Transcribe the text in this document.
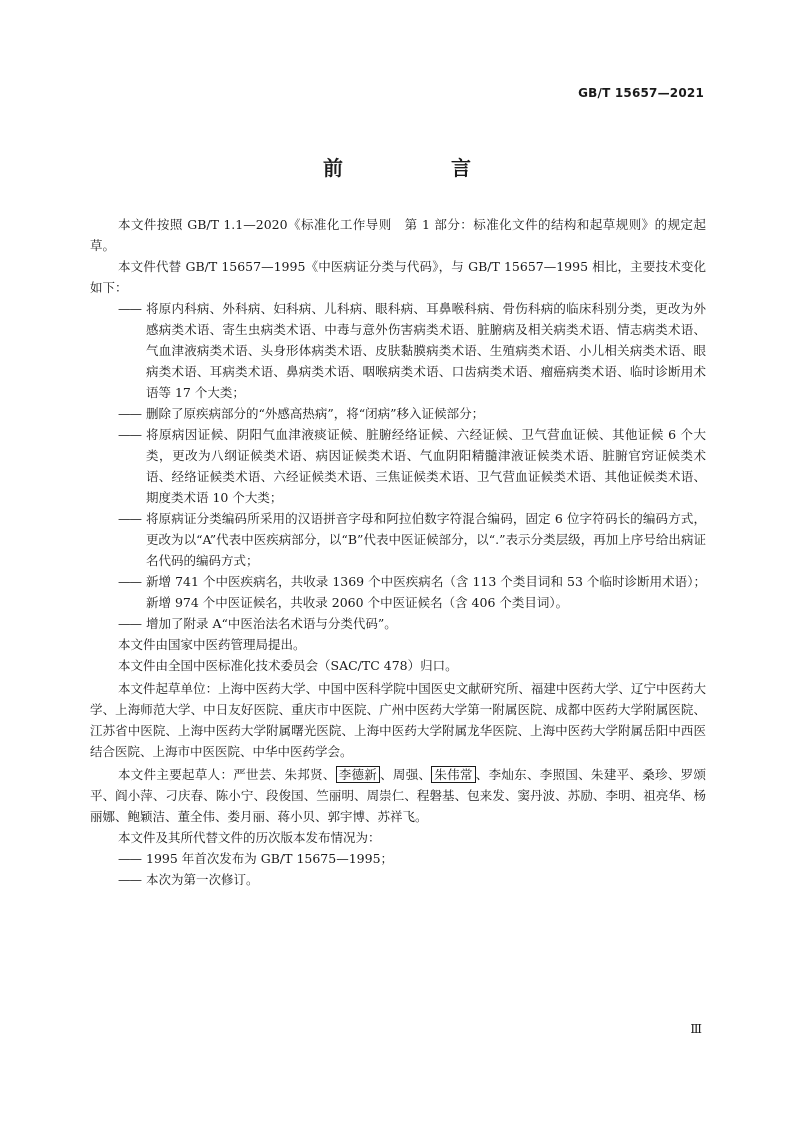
GB/T 15657—2021
前　言

本文件按照 GB/T 1.1—2020《标准化工作导则　第 1 部分：标准化文件的结构和起草规则》的规定起草。

本文件代替 GB/T 15657—1995《中医病证分类与代码》，与 GB/T 15657—1995 相比，主要技术变化如下：

—— 将原内科病、外科病、妇科病、儿科病、眼科病、耳鼻喉科病、骨伤科病的临床科别分类，更改为外感病类术语、寄生虫病类术语、中毒与意外伤害病类术语、脏腑病及相关病类术语、情志病类术语、气血津液病类术语、头身形体病类术语、皮肤黏膜病类术语、生殖病类术语、小儿相关病类术语、眼病类术语、耳病类术语、鼻病类术语、咽喉病类术语、口齿病类术语、瘤癌病类术语、临时诊断用术语等 17 个大类；
—— 删除了原疾病部分的“外感高热病”，将“闭病”移入证候部分；
—— 将原病因证候、阴阳气血津液痰证候、脏腑经络证候、六经证候、卫气营血证候、其他证候 6 个大类，更改为八纲证候类术语、病因证候类术语、气血阴阳精髓津液证候类术语、脏腑官窍证候类术语、经络证候类术语、六经证候类术语、三焦证候类术语、卫气营血证候类术语、其他证候类术语、期度类术语 10 个大类；
—— 将原病证分类编码所采用的汉语拼音字母和阿拉伯数字符混合编码，固定 6 位字符码长的编码方式，更改为以“A”代表中医疾病部分，以“B”代表中医证候部分，以“.”表示分类层级，再加上序号给出病证名代码的编码方式；
—— 新增 741 个中医疾病名，共收录 1369 个中医疾病名（含 113 个类目词和 53 个临时诊断用术语）；新增 974 个中医证候名，共收录 2060 个中医证候名（含 406 个类目词）。
—— 增加了附录 A“中医治法名术语与分类代码”。

本文件由国家中医药管理局提出。

本文件由全国中医标准化技术委员会（SAC/TC 478）归口。

本文件起草单位：上海中医药大学、中国中医科学院中国医史文献研究所、福建中医药大学、辽宁中医药大学、上海师范大学、中日友好医院、重庆市中医院、广州中医药大学第一附属医院、成都中医药大学附属医院、江苏省中医院、上海中医药大学附属曙光医院、上海中医药大学附属龙华医院、上海中医药大学附属岳阳中西医结合医院、上海市中医医院、中华中医药学会。

本文件主要起草人：严世芸、朱邦贤、 李德新 、周强、 朱伟常 、李灿东、李照国、朱建平、桑珍、罗颂平、阎小萍、刁庆春、陈小宁、段俊国、竺丽明、周崇仁、程磐基、包来发、窦丹波、苏励、李明、祖亮华、杨丽娜、鲍颖洁、董全伟、娄月丽、蒋小贝、郭宇博、苏祥飞。

本文件及其所代替文件的历次版本发布情况为：

—— 1995 年首次发布为 GB/T 15675—1995；
—— 本次为第一次修订。
Ⅲ
